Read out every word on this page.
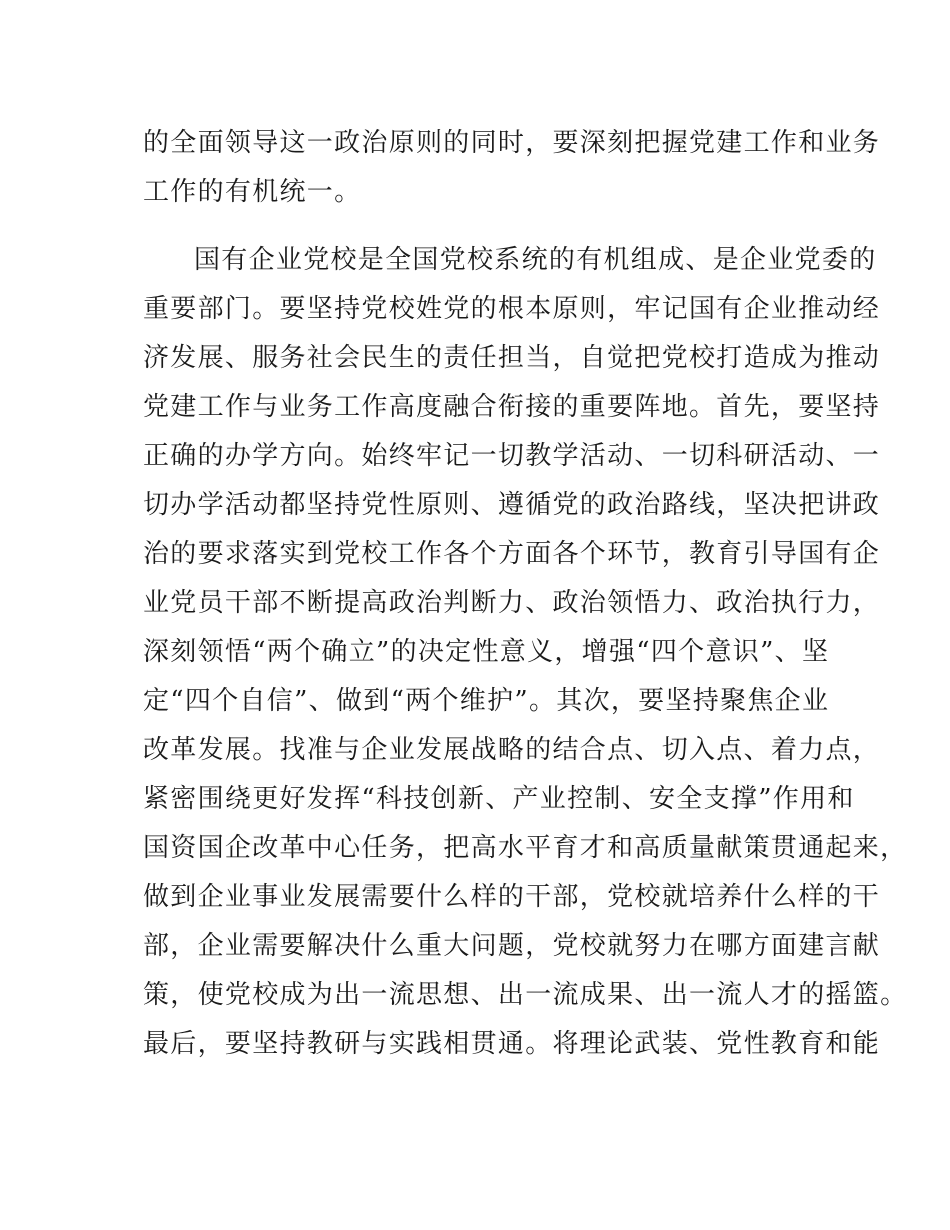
的全面领导这一政治原则的同时，要深刻把握党建工作和业务
工作的有机统一。
国有企业党校是全国党校系统的有机组成、是企业党委的
重要部门。要坚持党校姓党的根本原则，牢记国有企业推动经
济发展、服务社会民生的责任担当，自觉把党校打造成为推动
党建工作与业务工作高度融合衔接的重要阵地。首先，要坚持
正确的办学方向。始终牢记一切教学活动、一切科研活动、一
切办学活动都坚持党性原则、遵循党的政治路线，坚决把讲政
治的要求落实到党校工作各个方面各个环节，教育引导国有企
业党员干部不断提高政治判断力、政治领悟力、政治执行力，
深刻领悟“两个确立”的决定性意义，增强“四个意识”、坚
定“四个自信”、做到“两个维护”。其次，要坚持聚焦企业
改革发展。找准与企业发展战略的结合点、切入点、着力点，
紧密围绕更好发挥“科技创新、产业控制、安全支撑”作用和
国资国企改革中心任务，把高水平育才和高质量献策贯通起来，
做到企业事业发展需要什么样的干部，党校就培养什么样的干
部，企业需要解决什么重大问题，党校就努力在哪方面建言献
策，使党校成为出一流思想、出一流成果、出一流人才的摇篮。
最后，要坚持教研与实践相贯通。将理论武装、党性教育和能
